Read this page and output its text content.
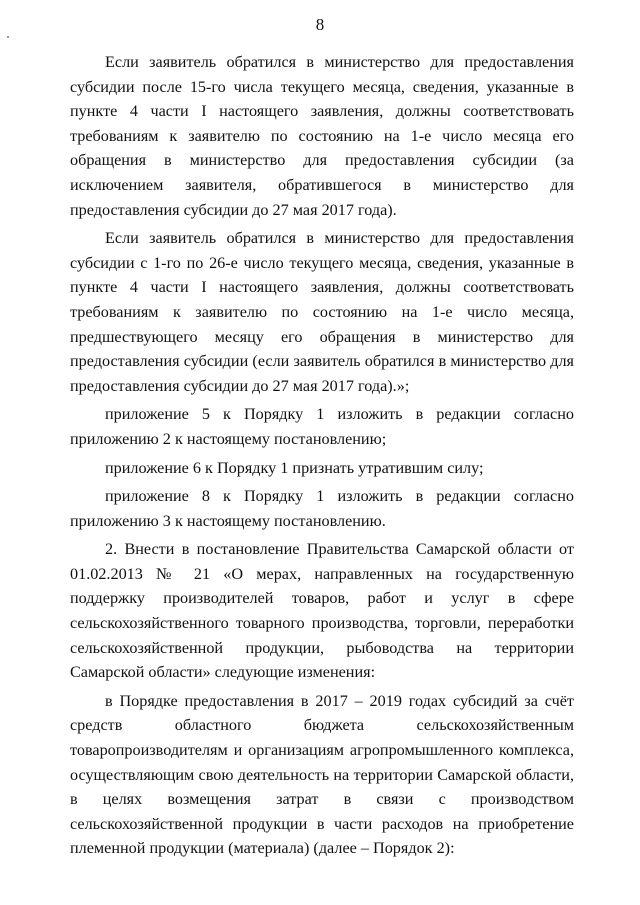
8

Если заявитель обратился в министерство для предоставления субсидии после 15-го числа текущего месяца, сведения, указанные в пункте 4 части I настоящего заявления, должны соответствовать требованиям к заявителю по состоянию на 1-е число месяца его обращения в министерство для предоставления субсидии (за исключением заявителя, обратившегося в министерство для предоставления субсидии до 27 мая 2017 года).

Если заявитель обратился в министерство для предоставления субсидии с 1-го по 26-е число текущего месяца, сведения, указанные в пункте 4 части I настоящего заявления, должны соответствовать требованиям к заявителю по состоянию на 1-е число месяца, предшествующего месяцу его обращения в министерство для предоставления субсидии (если заявитель обратился в министерство для предоставления субсидии до 27 мая 2017 года).»;

приложение 5 к Порядку 1 изложить в редакции согласно приложению 2 к настоящему постановлению;

приложение 6 к Порядку 1 признать утратившим силу;

приложение 8 к Порядку 1 изложить в редакции согласно приложению 3 к настоящему постановлению.

2. Внести в постановление Правительства Самарской области от 01.02.2013 № 21 «О мерах, направленных на государственную поддержку производителей товаров, работ и услуг в сфере сельскохозяйственного товарного производства, торговли, переработки сельскохозяйственной продукции, рыбоводства на территории Самарской области» следующие изменения:

в Порядке предоставления в 2017 – 2019 годах субсидий за счёт средств областного бюджета сельскохозяйственным товаропроизводителям и организациям агропромышленного комплекса, осуществляющим свою деятельность на территории Самарской области, в целях возмещения затрат в связи с производством сельскохозяйственной продукции в части расходов на приобретение племенной продукции (материала) (далее – Порядок 2):
